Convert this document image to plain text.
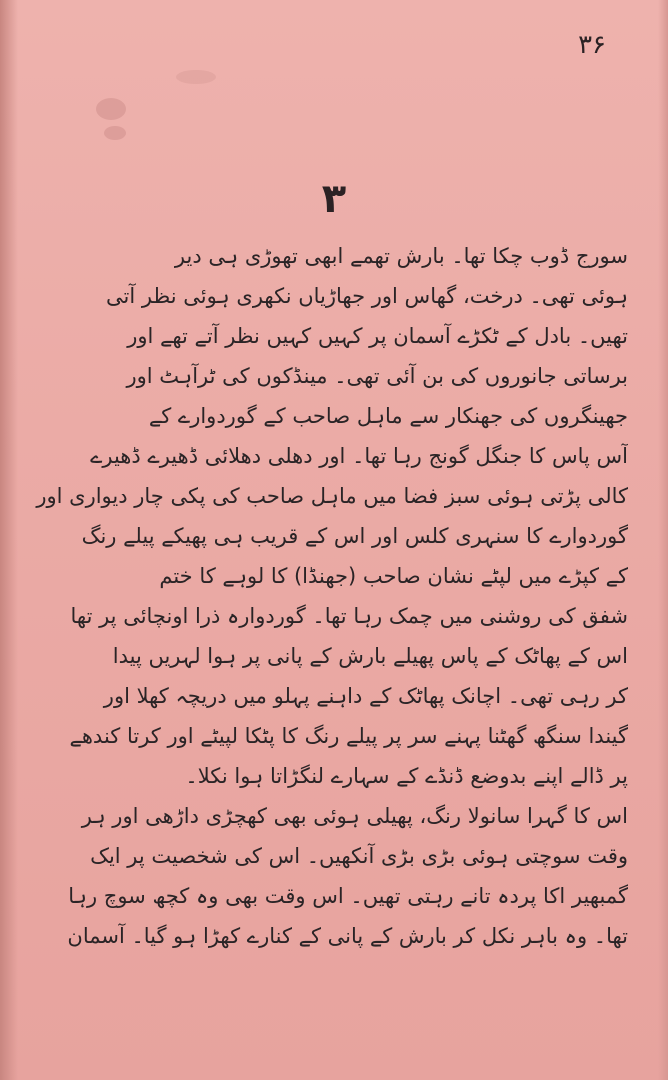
۳۶
۳
سورج ڈوب چکا تھا۔ بارش تھمے ابھی تھوڑی ہی دیر
ہوئی تھی۔ درخت، گھاس اور جھاڑیاں نکھری ہوئی نظر آتی
تھیں۔ بادل کے ٹکڑے آسمان پر کہیں کہیں نظر آتے تھے اور
برساتی جانوروں کی بن آئی تھی۔ مینڈکوں کی ٹرآہٹ اور
جھینگروں کی جھنکار سے ماہل صاحب کے گوردوارے کے
آس پاس کا جنگل گونج رہا تھا۔ اور دھلی دھلائی ڈھیرے ڈھیرے
کالی پڑتی ہوئی سبز فضا میں ماہل صاحب کی پکی چار دیواری اور
گوردوارے کا سنہری کلس اور اس کے قریب ہی پھیکے پیلے رنگ
کے کپڑے میں لپٹے نشان صاحب (جھنڈا) کا لوہے کا ختم
شفق کی روشنی میں چمک رہا تھا۔ گوردوارہ ذرا اونچائی پر تھا
اس کے پھاٹک کے پاس پھیلے بارش کے پانی پر ہوا لہریں پیدا
کر رہی تھی۔ اچانک پھاٹک کے داہنے پہلو میں دریچہ کھلا اور
گیندا سنگھ گھٹنا پہنے سر پر پیلے رنگ کا پٹکا لپیٹے اور کرتا کندھے
پر ڈالے اپنے بدوضع ڈنڈے کے سہارے لنگڑاتا ہوا نکلا۔
اس کا گہرا سانولا رنگ، پھیلی ہوئی بھی کھچڑی داڑھی اور ہر
وقت سوچتی ہوئی بڑی بڑی آنکھیں۔ اس کی شخصیت پر ایک
گمبھیر اکا پردہ تانے رہتی تھیں۔ اس وقت بھی وہ کچھ سوچ رہا
تھا۔ وہ باہر نکل کر بارش کے پانی کے کنارے کھڑا ہو گیا۔ آسمان
